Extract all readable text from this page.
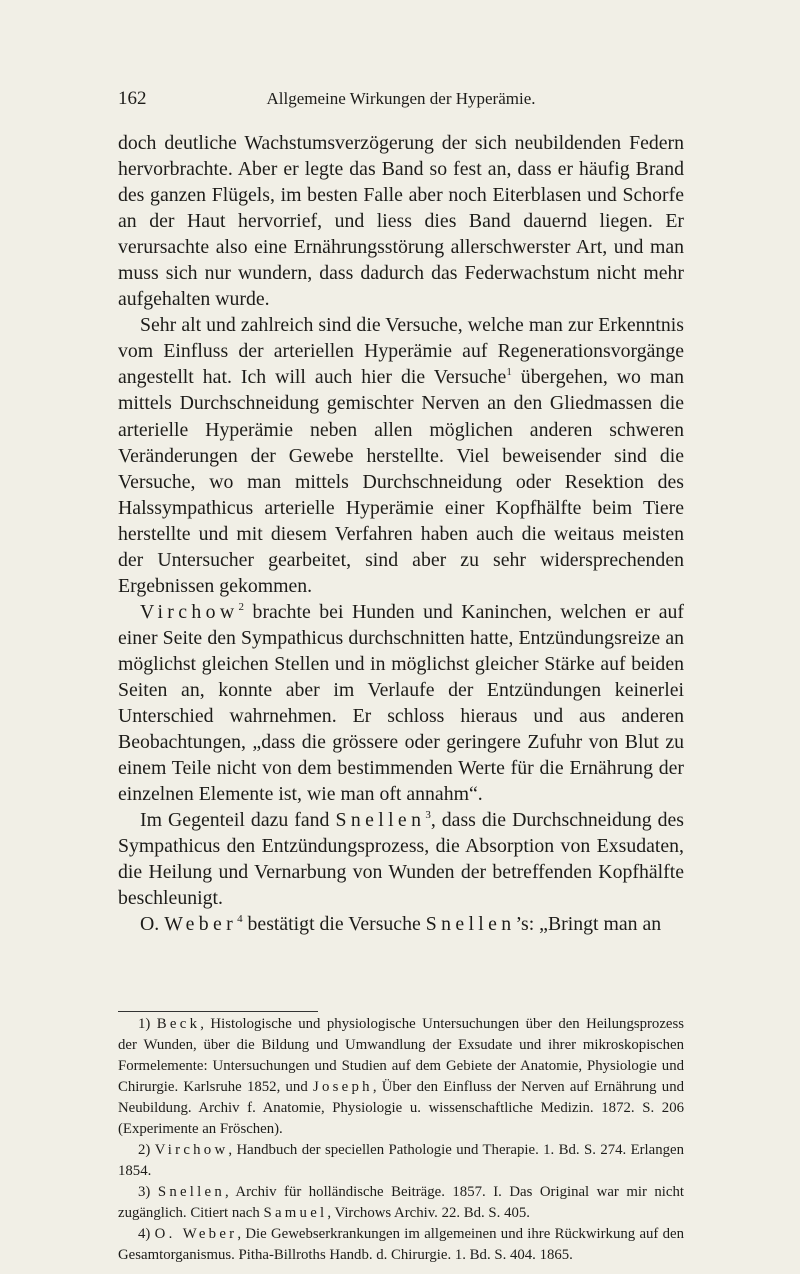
162	Allgemeine Wirkungen der Hyperämie.

doch deutliche Wachstumsverzögerung der sich neubildenden Federn hervorbrachte. Aber er legte das Band so fest an, dass er häufig Brand des ganzen Flügels, im besten Falle aber noch Eiterblasen und Schorfe an der Haut hervorrief, und liess dies Band dauernd liegen. Er verursachte also eine Ernährungsstörung allerschwerster Art, und man muss sich nur wundern, dass dadurch das Federwachstum nicht mehr aufgehalten wurde.

Sehr alt und zahlreich sind die Versuche, welche man zur Erkenntnis vom Einfluss der arteriellen Hyperämie auf Regenerationsvorgänge angestellt hat. Ich will auch hier die Versuche$^1$ übergehen, wo man mittels Durchschneidung gemischter Nerven an den Gliedmassen die arterielle Hyperämie neben allen möglichen anderen schweren Veränderungen der Gewebe herstellte. Viel beweisender sind die Versuche, wo man mittels Durchschneidung oder Resektion des Halssympathicus arterielle Hyperämie einer Kopfhälfte beim Tiere herstellte und mit diesem Verfahren haben auch die weitaus meisten der Untersucher gearbeitet, sind aber zu sehr widersprechenden Ergebnissen gekommen.

Virchow$^2$ brachte bei Hunden und Kaninchen, welchen er auf einer Seite den Sympathicus durchschnitten hatte, Entzündungsreize an möglichst gleichen Stellen und in möglichst gleicher Stärke auf beiden Seiten an, konnte aber im Verlaufe der Entzündungen keinerlei Unterschied wahrnehmen. Er schloss hieraus und aus anderen Beobachtungen, „dass die grössere oder geringere Zufuhr von Blut zu einem Teile nicht von dem bestimmenden Werte für die Ernährung der einzelnen Elemente ist, wie man oft annahm“.

Im Gegenteil dazu fand Snellen$^3$, dass die Durchschneidung des Sympathicus den Entzündungsprozess, die Absorption von Exsudaten, die Heilung und Vernarbung von Wunden der betreffenden Kopfhälfte beschleunigt.

O. Weber$^4$ bestätigt die Versuche Snellen’s: „Bringt man an

1) Beck, Histologische und physiologische Untersuchungen über den Heilungsprozess der Wunden, über die Bildung und Umwandlung der Exsudate und ihrer mikroskopischen Formelemente: Untersuchungen und Studien auf dem Gebiete der Anatomie, Physiologie und Chirurgie. Karlsruhe 1852, und Joseph, Über den Einfluss der Nerven auf Ernährung und Neubildung. Archiv f. Anatomie, Physiologie u. wissenschaftliche Medizin. 1872. S. 206 (Experimente an Fröschen).

2) Virchow, Handbuch der speciellen Pathologie und Therapie. 1. Bd. S. 274. Erlangen 1854.

3) Snellen, Archiv für holländische Beiträge. 1857. I. Das Original war mir nicht zugänglich. Citiert nach Samuel, Virchows Archiv. 22. Bd. S. 405.

4) O. Weber, Die Gewebserkrankungen im allgemeinen und ihre Rückwirkung auf den Gesamtorganismus. Pitha-Billroths Handb. d. Chirurgie. 1. Bd. S. 404. 1865.
